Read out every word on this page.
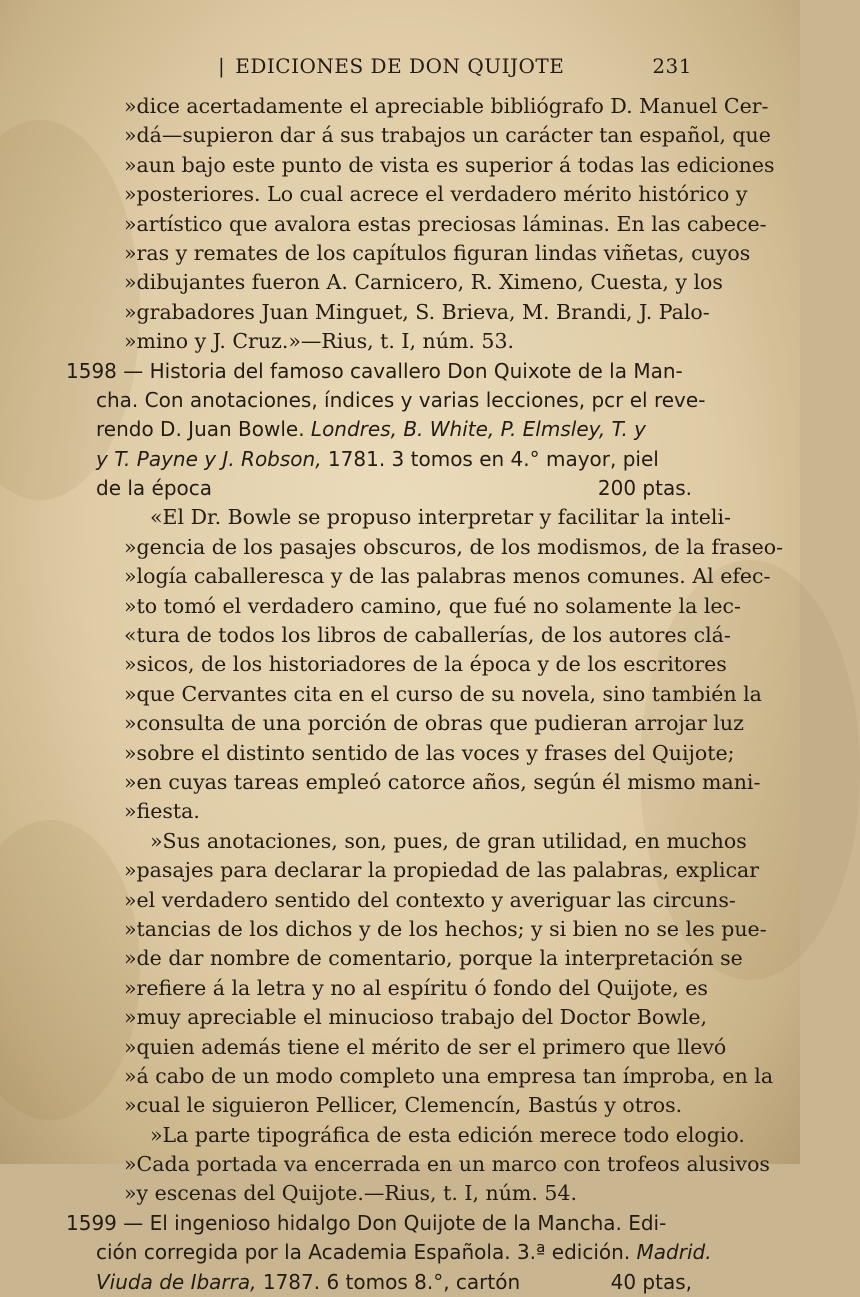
| EDICIONES DE DON QUIJOTE	231
»dice acertadamente el apreciable bibliógrafo D. Manuel Cer-
»dá—supieron dar á sus trabajos un carácter tan español, que
»aun bajo este punto de vista es superior á todas las ediciones
»posteriores. Lo cual acrece el verdadero mérito histórico y
»artístico que avalora estas preciosas láminas. En las cabece-
»ras y remates de los capítulos figuran lindas viñetas, cuyos
»dibujantes fueron A. Carnicero, R. Ximeno, Cuesta, y los
»grabadores Juan Minguet, S. Brieva, M. Brandi, J. Palo-
»mino y J. Cruz.»—Rius, t. I, núm. 53.
1598 — Historia del famoso cavallero Don Quixote de la Man-
cha. Con anotaciones, índices y varias lecciones, pcr el reve-
rendo D. Juan Bowle. Londres, B. White, P. Elmsley, T. y
y T. Payne y J. Robson, 1781. 3 tomos en 4.° mayor, piel
de la época	200 ptas.
«El Dr. Bowle se propuso interpretar y facilitar la inteli-
»gencia de los pasajes obscuros, de los modismos, de la fraseo-
»logía caballeresca y de las palabras menos comunes. Al efec-
»to tomó el verdadero camino, que fué no solamente la lec-
«tura de todos los libros de caballerías, de los autores clá-
»sicos, de los historiadores de la época y de los escritores
»que Cervantes cita en el curso de su novela, sino también la
»consulta de una porción de obras que pudieran arrojar luz
»sobre el distinto sentido de las voces y frases del Quijote;
»en cuyas tareas empleó catorce años, según él mismo mani-
»fiesta.
»Sus anotaciones, son, pues, de gran utilidad, en muchos
»pasajes para declarar la propiedad de las palabras, explicar
»el verdadero sentido del contexto y averiguar las circuns-
»tancias de los dichos y de los hechos; y si bien no se les pue-
»de dar nombre de comentario, porque la interpretación se
»refiere á la letra y no al espíritu ó fondo del Quijote, es
»muy apreciable el minucioso trabajo del Doctor Bowle,
»quien además tiene el mérito de ser el primero que llevó
»á cabo de un modo completo una empresa tan ímproba, en la
»cual le siguieron Pellicer, Clemencín, Bastús y otros.
»La parte tipográfica de esta edición merece todo elogio.
»Cada portada va encerrada en un marco con trofeos alusivos
»y escenas del Quijote.—Rius, t. I, núm. 54.
1599 — El ingenioso hidalgo Don Quijote de la Mancha. Edi-
ción corregida por la Academia Española. 3.ª edición. Madrid.
Viuda de Ibarra, 1787. 6 tomos 8.°, cartón	40 ptas,
